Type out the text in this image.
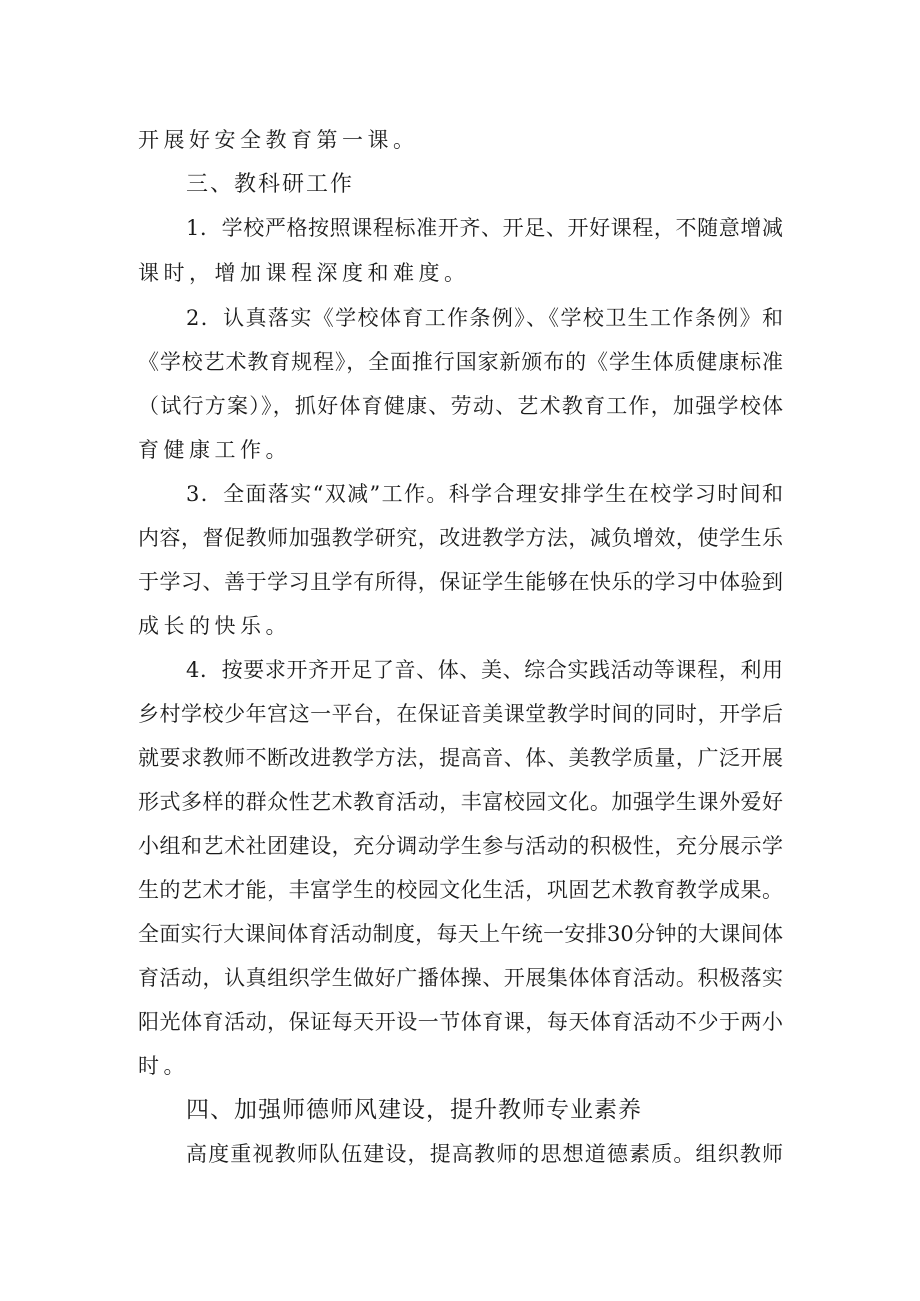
开展好安全教育第一课。
三、教科研工作
1．学校严格按照课程标准开齐、开足、开好课程，不随意增减
课时，增加课程深度和难度。
2．认真落实《学校体育工作条例》、《学校卫生工作条例》和
《学校艺术教育规程》，全面推行国家新颁布的《学生体质健康标准
（试行方案）》，抓好体育健康、劳动、艺术教育工作，加强学校体
育健康工作。
3．全面落实“双减”工作。科学合理安排学生在校学习时间和
内容，督促教师加强教学研究，改进教学方法，减负增效，使学生乐
于学习、善于学习且学有所得，保证学生能够在快乐的学习中体验到
成长的快乐。
4．按要求开齐开足了音、体、美、综合实践活动等课程，利用
乡村学校少年宫这一平台，在保证音美课堂教学时间的同时，开学后
就要求教师不断改进教学方法，提高音、体、美教学质量，广泛开展
形式多样的群众性艺术教育活动，丰富校园文化。加强学生课外爱好
小组和艺术社团建设，充分调动学生参与活动的积极性，充分展示学
生的艺术才能，丰富学生的校园文化生活，巩固艺术教育教学成果。
全面实行大课间体育活动制度，每天上午统一安排30分钟的大课间体
育活动，认真组织学生做好广播体操、开展集体体育活动。积极落实
阳光体育活动，保证每天开设一节体育课，每天体育活动不少于两小
时。
四、加强师德师风建设，提升教师专业素养
高度重视教师队伍建设，提高教师的思想道德素质。组织教师
